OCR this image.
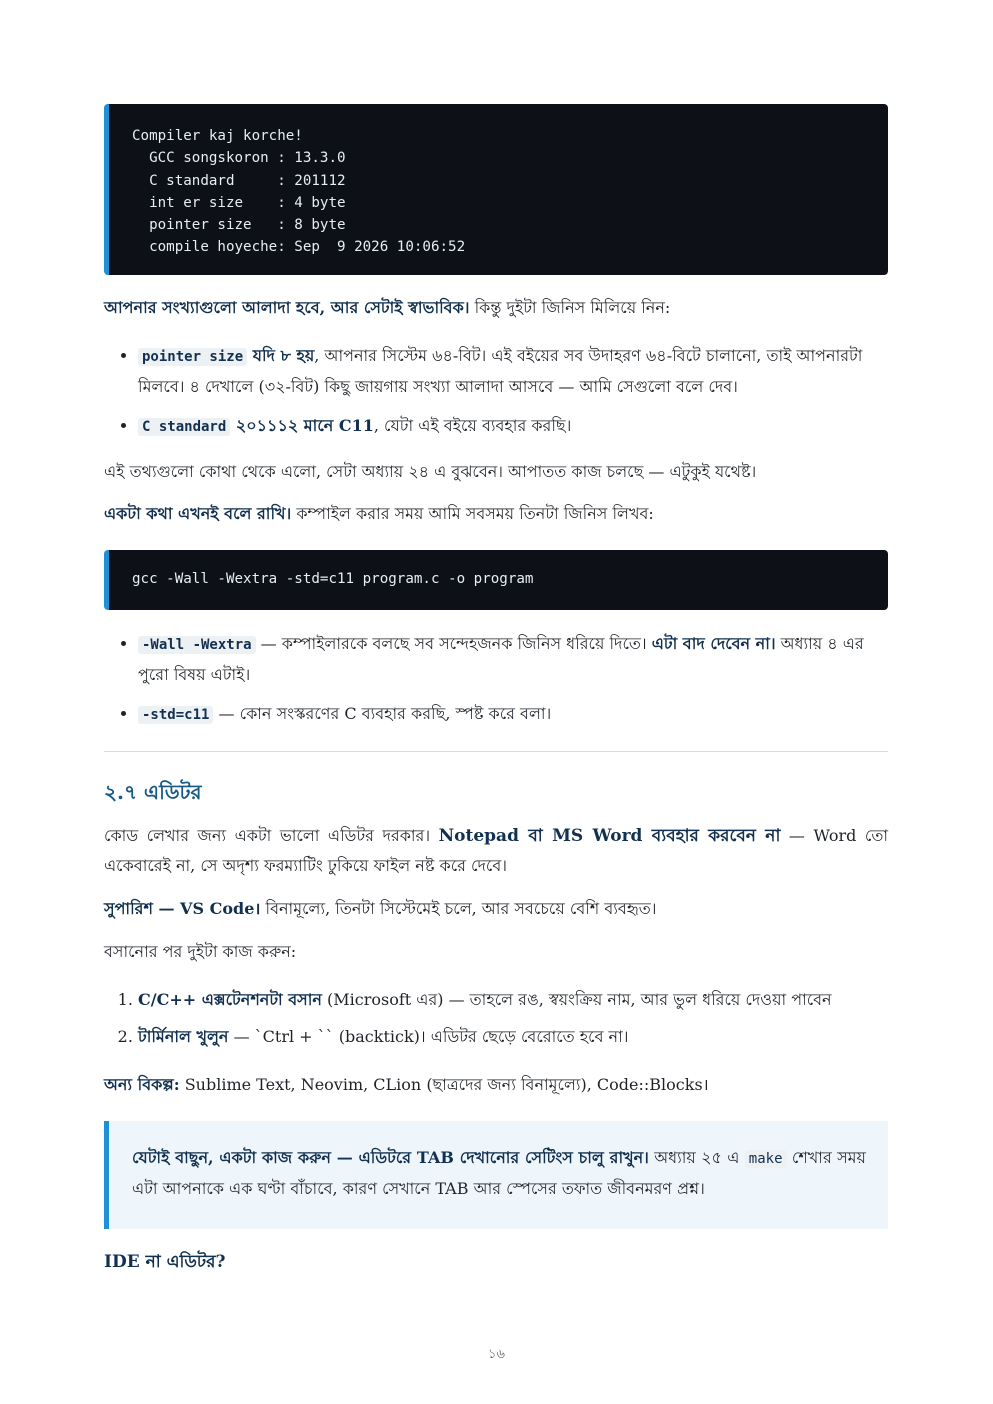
Compiler kaj korche!
GCC songskoron : 13.3.0
C standard     : 201112
int er size    : 4 byte
pointer size   : 8 byte
compile hoyeche: Sep  9 2026 10:06:52

আপনার সংখ্যাগুলো আলাদা হবে, আর সেটাই স্বাভাবিক। কিন্তু দুইটা জিনিস মিলিয়ে নিন:

• pointer size যদি ৮ হয়, আপনার সিস্টেম ৬৪-বিট। এই বইয়ের সব উদাহরণ ৬৪-বিটে চালানো, তাই আপনারটা মিলবে। ৪ দেখালে (৩২-বিট) কিছু জায়গায় সংখ্যা আলাদা আসবে — আমি সেগুলো বলে দেব।
• C standard ২০১১১২ মানে C11, যেটা এই বইয়ে ব্যবহার করছি।

এই তথ্যগুলো কোথা থেকে এলো, সেটা অধ্যায় ২৪ এ বুঝবেন। আপাতত কাজ চলছে — এটুকুই যথেষ্ট।

একটা কথা এখনই বলে রাখি। কম্পাইল করার সময় আমি সবসময় তিনটা জিনিস লিখব:

gcc -Wall -Wextra -std=c11 program.c -o program
• -Wall -Wextra — কম্পাইলারকে বলছে সব সন্দেহজনক জিনিস ধরিয়ে দিতে। এটা বাদ দেবেন না। অধ্যায় ৪ এর পুরো বিষয় এটাই।
• -std=c11 — কোন সংস্করণের C ব্যবহার করছি, স্পষ্ট করে বলা।
২.৭ এডিটর

কোড লেখার জন্য একটা ভালো এডিটর দরকার। Notepad বা MS Word ব্যবহার করবেন না — Word তো একেবারেই না, সে অদৃশ্য ফরম্যাটিং ঢুকিয়ে ফাইল নষ্ট করে দেবে।

সুপারিশ — VS Code। বিনামূল্যে, তিনটা সিস্টেমেই চলে, আর সবচেয়ে বেশি ব্যবহৃত।

বসানোর পর দুইটা কাজ করুন:

1. C/C++ এক্সটেনশনটা বসান (Microsoft এর) — তাহলে রঙ, স্বয়ংক্রিয় নাম, আর ভুল ধরিয়ে দেওয়া পাবেন
2. টার্মিনাল খুলুন — `Ctrl + `` (backtick)। এডিটর ছেড়ে বেরোতে হবে না।

অন্য বিকল্প: Sublime Text, Neovim, CLion (ছাত্রদের জন্য বিনামূল্যে), Code::Blocks।

যেটাই বাছুন, একটা কাজ করুন — এডিটরে TAB দেখানোর সেটিংস চালু রাখুন। অধ্যায় ২৫ এ make শেখার সময় এটা আপনাকে এক ঘণ্টা বাঁচাবে, কারণ সেখানে TAB আর স্পেসের তফাত জীবনমরণ প্রশ্ন।

IDE না এডিটর?
১৬
